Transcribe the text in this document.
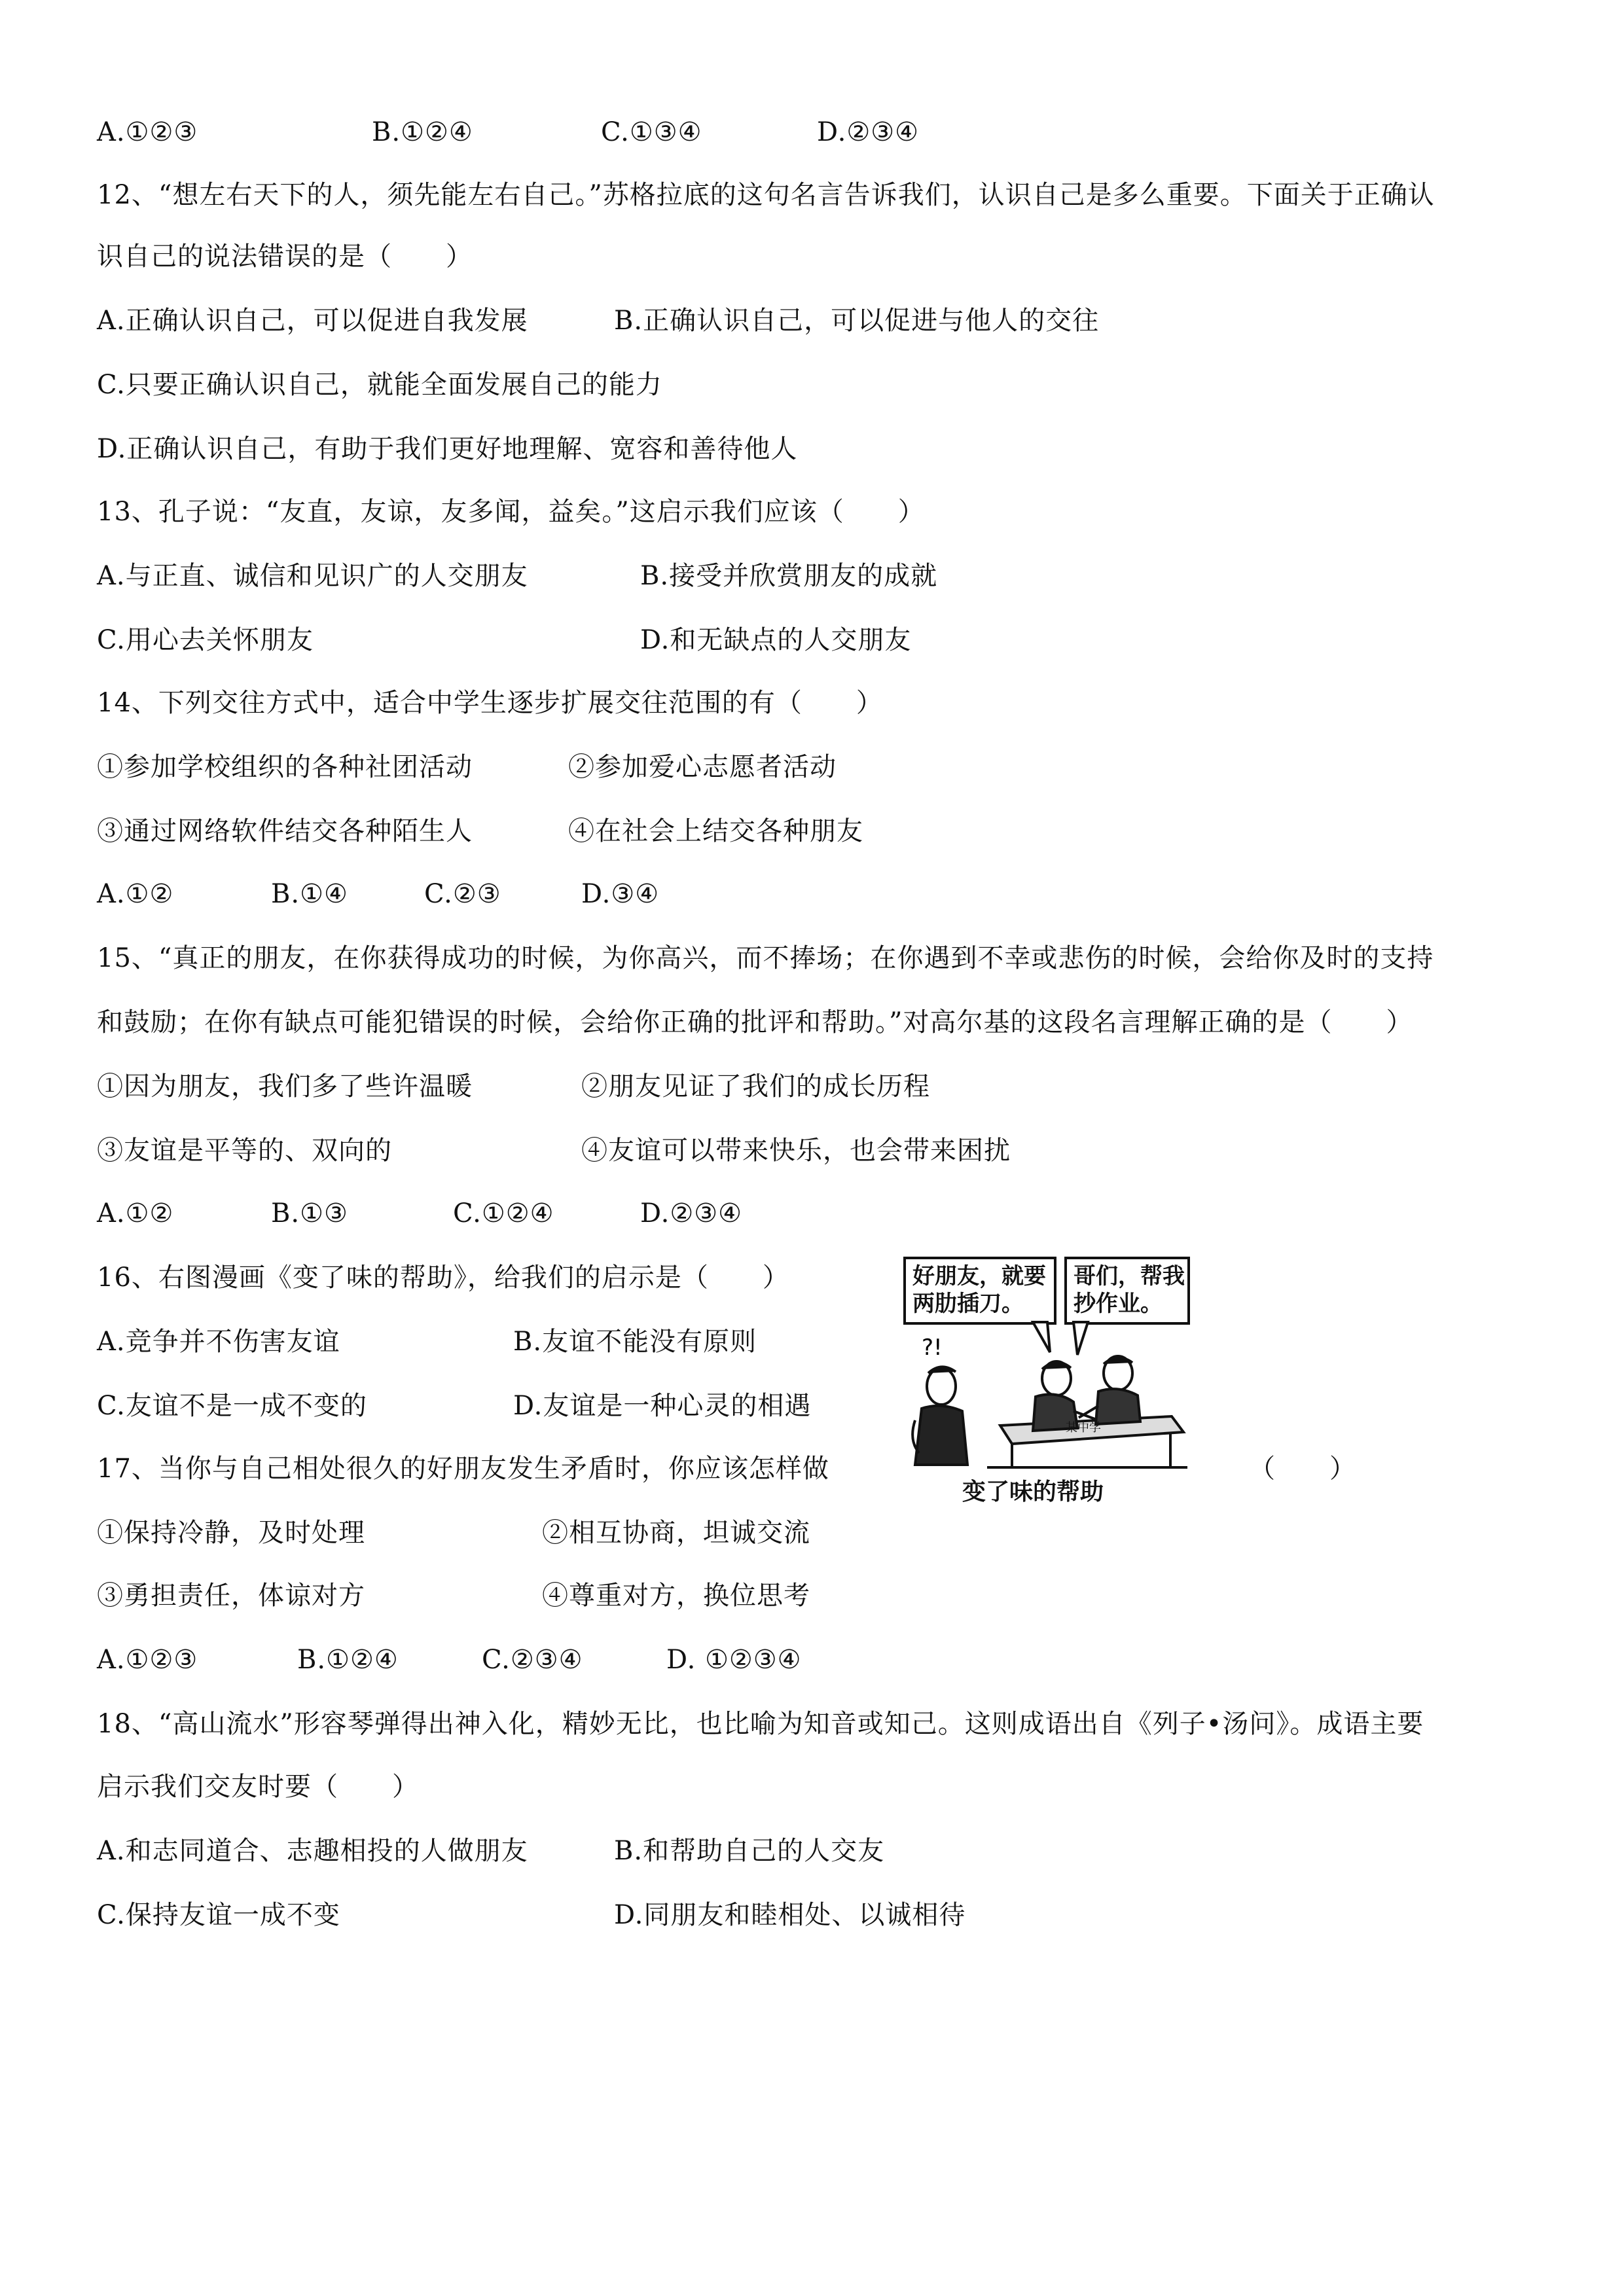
A.①②③	B.①②④	C.①③④	D.②③④
12、“想左右天下的人，须先能左右自己。”苏格拉底的这句名言告诉我们，认识自己是多么重要。下面关于正确认
识自己的说法错误的是（　　）
A.正确认识自己，可以促进自我发展	B.正确认识自己，可以促进与他人的交往
C.只要正确认识自己，就能全面发展自己的能力
D.正确认识自己，有助于我们更好地理解、宽容和善待他人
13、孔子说：“友直，友谅，友多闻，益矣。”这启示我们应该（　　）
A.与正直、诚信和见识广的人交朋友	B.接受并欣赏朋友的成就
C.用心去关怀朋友	D.和无缺点的人交朋友
14、下列交往方式中，适合中学生逐步扩展交往范围的有（　　）
①参加学校组织的各种社团活动	②参加爱心志愿者活动
③通过网络软件结交各种陌生人	④在社会上结交各种朋友
A.①②	B.①④	C.②③	D.③④
15、“真正的朋友，在你获得成功的时候，为你高兴，而不捧场；在你遇到不幸或悲伤的时候，会给你及时的支持
和鼓励；在你有缺点可能犯错误的时候，会给你正确的批评和帮助。”对高尔基的这段名言理解正确的是（　　）
①因为朋友，我们多了些许温暖	②朋友见证了我们的成长历程
③友谊是平等的、双向的	④友谊可以带来快乐，也会带来困扰
A.①②	B.①③	C.①②④	D.②③④
16、右图漫画《变了味的帮助》，给我们的启示是（　　）
A.竞争并不伤害友谊	B.友谊不能没有原则
C.友谊不是一成不变的	D.友谊是一种心灵的相遇
?!
好朋友，就要
两肋插刀。
哥们，帮我
抄作业。
某中学
变了味的帮助
17、当你与自己相处很久的好朋友发生矛盾时，你应该怎样做	（　　）
①保持冷静，及时处理	②相互协商，坦诚交流
③勇担责任，体谅对方	④尊重对方，换位思考
A.①②③	B.①②④	C.②③④	D. ①②③④
18、“高山流水”形容琴弹得出神入化，精妙无比，也比喻为知音或知己。这则成语出自《列子•汤问》。成语主要
启示我们交友时要（　　）
A.和志同道合、志趣相投的人做朋友	B.和帮助自己的人交友
C.保持友谊一成不变	D.同朋友和睦相处、以诚相待
